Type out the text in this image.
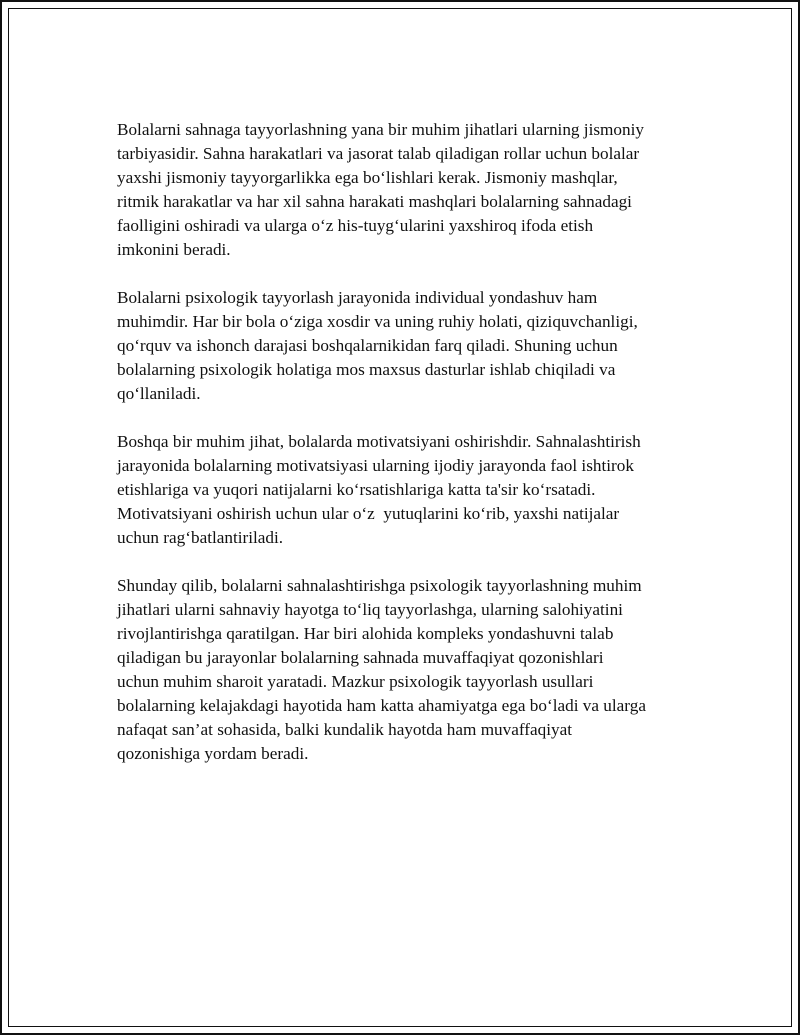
Bolalarni sahnaga tayyorlashning yana bir muhim jihatlari ularning jismoniy
tarbiyasidir. Sahna harakatlari va jasorat talab qiladigan rollar uchun bolalar
yaxshi jismoniy tayyorgarlikka ega bo‘lishlari kerak. Jismoniy mashqlar,
ritmik harakatlar va har xil sahna harakati mashqlari bolalarning sahnadagi
faolligini oshiradi va ularga o‘z his-tuyg‘ularini yaxshiroq ifoda etish
imkonini beradi.

Bolalarni psixologik tayyorlash jarayonida individual yondashuv ham
muhimdir. Har bir bola o‘ziga xosdir va uning ruhiy holati, qiziquvchanligi,
qo‘rquv va ishonch darajasi boshqalarnikidan farq qiladi. Shuning uchun
bolalarning psixologik holatiga mos maxsus dasturlar ishlab chiqiladi va
qo‘llaniladi.

Boshqa bir muhim jihat, bolalarda motivatsiyani oshirishdir. Sahnalashtirish
jarayonida bolalarning motivatsiyasi ularning ijodiy jarayonda faol ishtirok
etishlariga va yuqori natijalarni ko‘rsatishlariga katta ta'sir ko‘rsatadi.
Motivatsiyani oshirish uchun ular o‘z  yutuqlarini ko‘rib, yaxshi natijalar
uchun rag‘batlantiriladi.

Shunday qilib, bolalarni sahnalashtirishga psixologik tayyorlashning muhim
jihatlari ularni sahnaviy hayotga to‘liq tayyorlashga, ularning salohiyatini
rivojlantirishga qaratilgan. Har biri alohida kompleks yondashuvni talab
qiladigan bu jarayonlar bolalarning sahnada muvaffaqiyat qozonishlari
uchun muhim sharoit yaratadi. Mazkur psixologik tayyorlash usullari
bolalarning kelajakdagi hayotida ham katta ahamiyatga ega bo‘ladi va ularga
nafaqat san’at sohasida, balki kundalik hayotda ham muvaffaqiyat
qozonishiga yordam beradi.
